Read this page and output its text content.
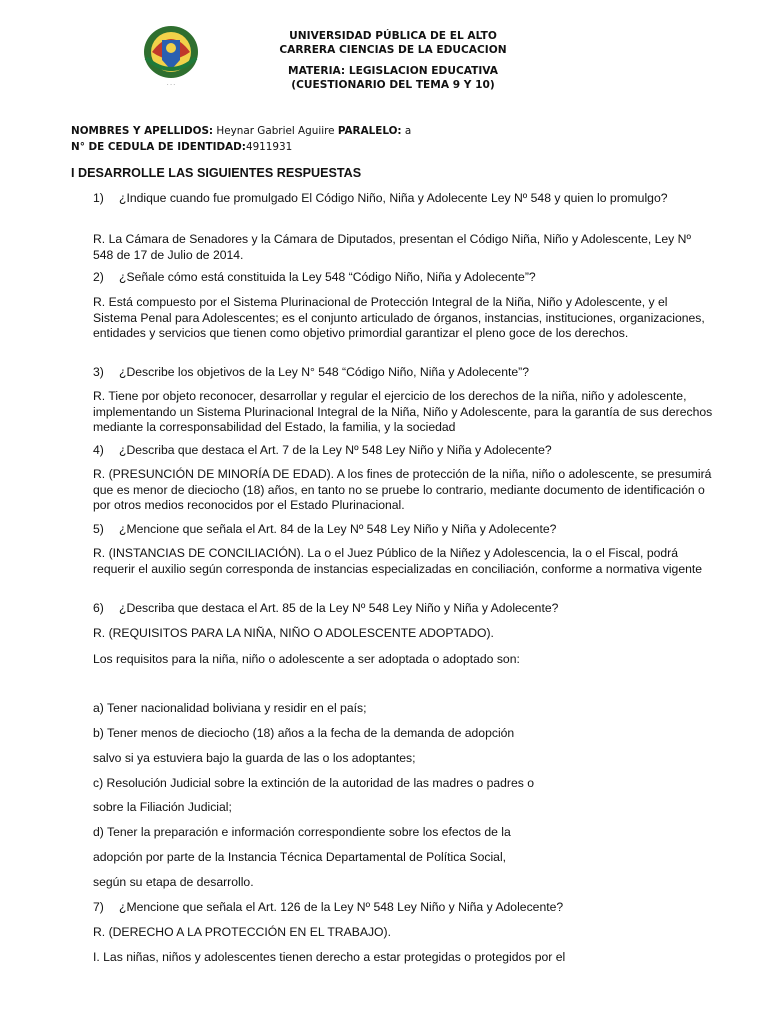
· · ·
UNIVERSIDAD PÚBLICA DE EL ALTO
CARRERA CIENCIAS DE LA EDUCACION
MATERIA: LEGISLACION EDUCATIVA
(CUESTIONARIO DEL TEMA 9 Y 10)
NOMBRES Y APELLIDOS: Heynar Gabriel Aguiire PARALELO: a
N° DE CEDULA DE IDENTIDAD:4911931
I DESARROLLE LAS SIGUIENTES RESPUESTAS
1)	¿Indique cuando fue promulgado El Código Niño, Niña y Adolecente Ley Nº 548 y quien lo promulgo?
R. La Cámara de Senadores y la Cámara de Diputados, presentan el Código Niña, Niño y Adolescente, Ley Nº 548 de 17 de Julio de 2014.
2)	¿Señale cómo está constituida la Ley 548 “Código Niño, Niña y Adolecente”?
R. Está compuesto por el Sistema Plurinacional de Protección Integral de la Niña, Niño y Adolescente, y el Sistema Penal para Adolescentes; es el conjunto articulado de órganos, instancias, instituciones, organizaciones, entidades y servicios que tienen como objetivo primordial garantizar el pleno goce de los derechos.
3)	¿Describe los objetivos de la Ley N° 548 “Código Niño, Niña y Adolecente”?
R. Tiene por objeto reconocer, desarrollar y regular el ejercicio de los derechos de la niña, niño y adolescente, implementando un Sistema Plurinacional Integral de la Niña, Niño y Adolescente, para la garantía de sus derechos mediante la corresponsabilidad del Estado, la familia, y la sociedad
4)	¿Describa que destaca el Art. 7 de la Ley Nº 548 Ley Niño y Niña y Adolecente?
R. (PRESUNCIÓN DE MINORÍA DE EDAD). A los fines de protección de la niña, niño o adolescente, se presumirá que es menor de dieciocho (18) años, en tanto no se pruebe lo contrario, mediante documento de identificación o por otros medios reconocidos por el Estado Plurinacional.
5)	¿Mencione que señala el Art. 84 de la Ley Nº 548 Ley Niño y Niña y Adolecente?
R. (INSTANCIAS DE CONCILIACIÓN). La o el Juez Público de la Niñez y Adolescencia, la o el Fiscal, podrá requerir el auxilio según corresponda de instancias especializadas en conciliación, conforme a normativa vigente
6)	¿Describa que destaca el Art. 85 de la Ley Nº 548 Ley Niño y Niña y Adolecente?
R. (REQUISITOS PARA LA NIÑA, NIÑO O ADOLESCENTE ADOPTADO).
Los requisitos para la niña, niño o adolescente a ser adoptada o adoptado son:
a) Tener nacionalidad boliviana y residir en el país;
b) Tener menos de dieciocho (18) años a la fecha de la demanda de adopción
salvo si ya estuviera bajo la guarda de las o los adoptantes;
c) Resolución Judicial sobre la extinción de la autoridad de las madres o padres o
sobre la Filiación Judicial;
d) Tener la preparación e información correspondiente sobre los efectos de la
adopción por parte de la Instancia Técnica Departamental de Política Social,
según su etapa de desarrollo.
7)	¿Mencione que señala el Art. 126 de la Ley Nº 548 Ley Niño y Niña y Adolecente?
R. (DERECHO A LA PROTECCIÓN EN EL TRABAJO).
I. Las niñas, niños y adolescentes tienen derecho a estar protegidas o protegidos por el
